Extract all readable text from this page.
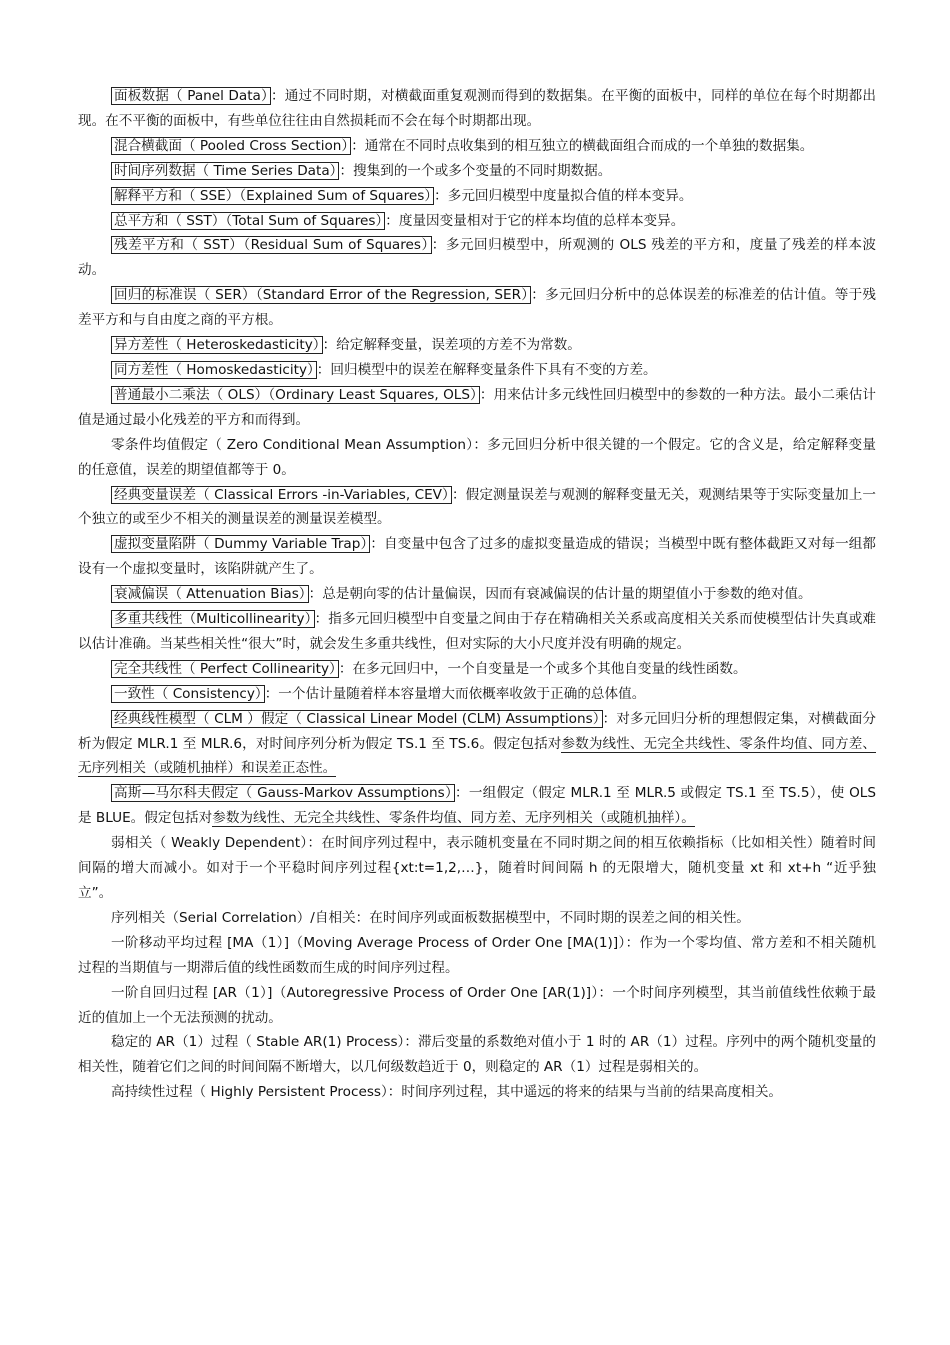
面板数据（ Panel Data） ：通过不同时期，对横截面重复观测而得到的数据集。在平衡的面板中，同样的单位在每个时期都出现。在不平衡的面板中，有些单位往往由自然损耗而不会在每个时期都出现。

混合横截面（ Pooled Cross Section） ：通常在不同时点收集到的相互独立的横截面组合而成的一个单独的数据集。

时间序列数据（ Time Series Data） ：搜集到的一个或多个变量的不同时期数据。

解释平方和（ SSE）（Explained Sum of Squares） ：多元回归模型中度量拟合值的样本变异。

总平方和（ SST）（Total Sum of Squares） ：度量因变量相对于它的样本均值的总样本变异。

残差平方和（ SST）（Residual Sum of Squares） ：多元回归模型中，所观测的 OLS 残差的平方和，度量了残差的样本波动。

回归的标准误（ SER）（Standard Error of the Regression, SER） ：多元回归分析中的总体误差的标准差的估计值。等于残差平方和与自由度之商的平方根。

异方差性（ Heteroskedasticity） ：给定解释变量，误差项的方差不为常数。

同方差性（ Homoskedasticity） ：回归模型中的误差在解释变量条件下具有不变的方差。

普通最小二乘法（ OLS）（Ordinary Least Squares, OLS） ：用来估计多元线性回归模型中的参数的一种方法。最小二乘估计值是通过最小化残差的平方和而得到。

零条件均值假定（ Zero Conditional Mean Assumption）：多元回归分析中很关键的一个假定。它的含义是，给定解释变量的任意值，误差的期望值都等于 0。

经典变量误差（ Classical Errors -in-Variables, CEV） ：假定测量误差与观测的解释变量无关，观测结果等于实际变量加上一个独立的或至少不相关的测量误差的测量误差模型。

虚拟变量陷阱（ Dummy Variable Trap） ：自变量中包含了过多的虚拟变量造成的错误；当模型中既有整体截距又对每一组都设有一个虚拟变量时，该陷阱就产生了。

衰减偏误（ Attenuation Bias） ：总是朝向零的估计量偏误，因而有衰减偏误的估计量的期望值小于参数的绝对值。

多重共线性（Multicollinearity） ：指多元回归模型中自变量之间由于存在精确相关关系或高度相关关系而使模型估计失真或难以估计准确。当某些相关性“很大”时，就会发生多重共线性，但对实际的大小尺度并没有明确的规定。

完全共线性（ Perfect Collinearity） ：在多元回归中，一个自变量是一个或多个其他自变量的线性函数。

一致性（ Consistency） ：一个估计量随着样本容量增大而依概率收敛于正确的总体值。

经典线性模型（ CLM ）假定（ Classical Linear Model (CLM) Assumptions） ：对多元回归分析的理想假定集，对横截面分析为假定 MLR.1 至 MLR.6，对时间序列分析为假定 TS.1 至 TS.6。假定包括对参数为线性、无完全共线性、零条件均值、同方差、无序列相关（或随机抽样）和误差正态性。

高斯—马尔科夫假定（ Gauss-Markov Assumptions） ：一组假定（假定 MLR.1 至 MLR.5 或假定 TS.1 至 TS.5），使 OLS 是 BLUE。假定包括对参数为线性、无完全共线性、零条件均值、同方差、无序列相关（或随机抽样）。

弱相关（ Weakly Dependent）：在时间序列过程中，表示随机变量在不同时期之间的相互依赖指标（比如相关性）随着时间间隔的增大而减小。如对于一个平稳时间序列过程{xt:t=1,2,…}，随着时间间隔 h 的无限增大，随机变量 xt 和 xt+h “近乎独立”。

序列相关（Serial Correlation）/自相关：在时间序列或面板数据模型中，不同时期的误差之间的相关性。

一阶移动平均过程 [MA（1）]（Moving Average Process of Order One [MA(1)]）：作为一个零均值、常方差和不相关随机过程的当期值与一期滞后值的线性函数而生成的时间序列过程。

一阶自回归过程 [AR（1）]（Autoregressive Process of Order One [AR(1)]）：一个时间序列模型，其当前值线性依赖于最近的值加上一个无法预测的扰动。

稳定的 AR（1）过程（ Stable AR(1) Process）：滞后变量的系数绝对值小于 1 时的 AR（1）过程。序列中的两个随机变量的相关性，随着它们之间的时间间隔不断增大，以几何级数趋近于 0，则稳定的 AR（1）过程是弱相关的。

高持续性过程（ Highly Persistent Process）：时间序列过程，其中遥远的将来的结果与当前的结果高度相关。
